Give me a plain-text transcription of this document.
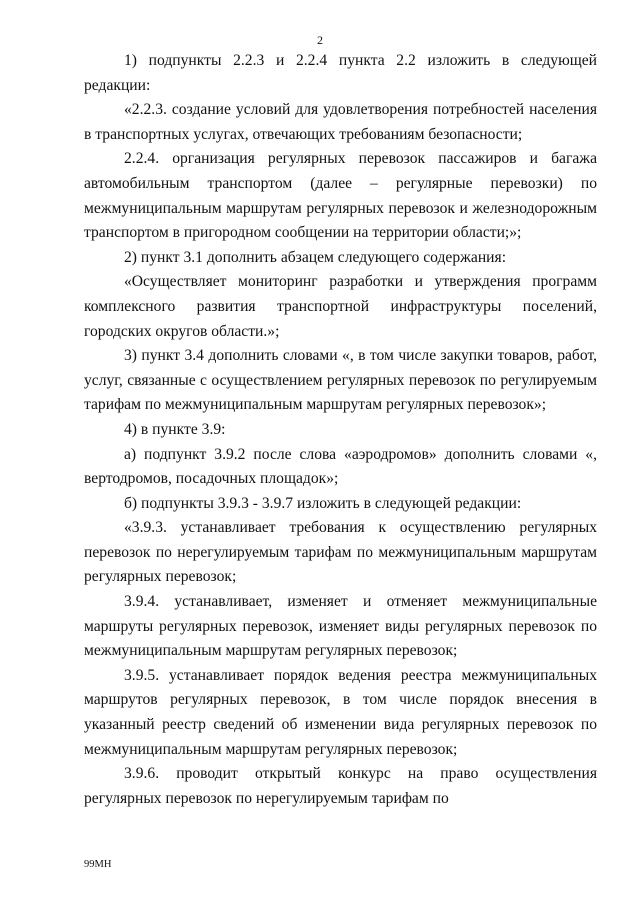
2

1) подпункты 2.2.3 и 2.2.4 пункта 2.2 изложить в следующей редакции:

«2.2.3. создание условий для удовлетворения потребностей населения в транспортных услугах, отвечающих требованиям безопасности;

2.2.4. организация регулярных перевозок пассажиров и багажа автомобильным транспортом (далее – регулярные перевозки) по межмуниципальным маршрутам регулярных перевозок и железнодорожным транспортом в пригородном сообщении на территории области;»;

2) пункт 3.1 дополнить абзацем следующего содержания:

«Осуществляет мониторинг разработки и утверждения программ комплексного развития транспортной инфраструктуры поселений, городских округов области.»;

3) пункт 3.4 дополнить словами «, в том числе закупки товаров, работ, услуг, связанные с осуществлением регулярных перевозок по регулируемым тарифам по межмуниципальным маршрутам регулярных перевозок»;

4) в пункте 3.9:

а) подпункт 3.9.2 после слова «аэродромов» дополнить словами «, вертодромов, посадочных площадок»;

б) подпункты 3.9.3 - 3.9.7 изложить в следующей редакции:

«3.9.3. устанавливает требования к осуществлению регулярных перевозок по нерегулируемым тарифам по межмуниципальным маршрутам регулярных перевозок;

3.9.4. устанавливает, изменяет и отменяет межмуниципальные маршруты регулярных перевозок, изменяет виды регулярных перевозок по межмуниципальным маршрутам регулярных перевозок;

3.9.5. устанавливает порядок ведения реестра межмуниципальных маршрутов регулярных перевозок, в том числе порядок внесения в указанный реестр сведений об изменении вида регулярных перевозок по межмуниципальным маршрутам регулярных перевозок;

3.9.6. проводит открытый конкурс на право осуществления регулярных перевозок по нерегулируемым тарифам по

99МН
